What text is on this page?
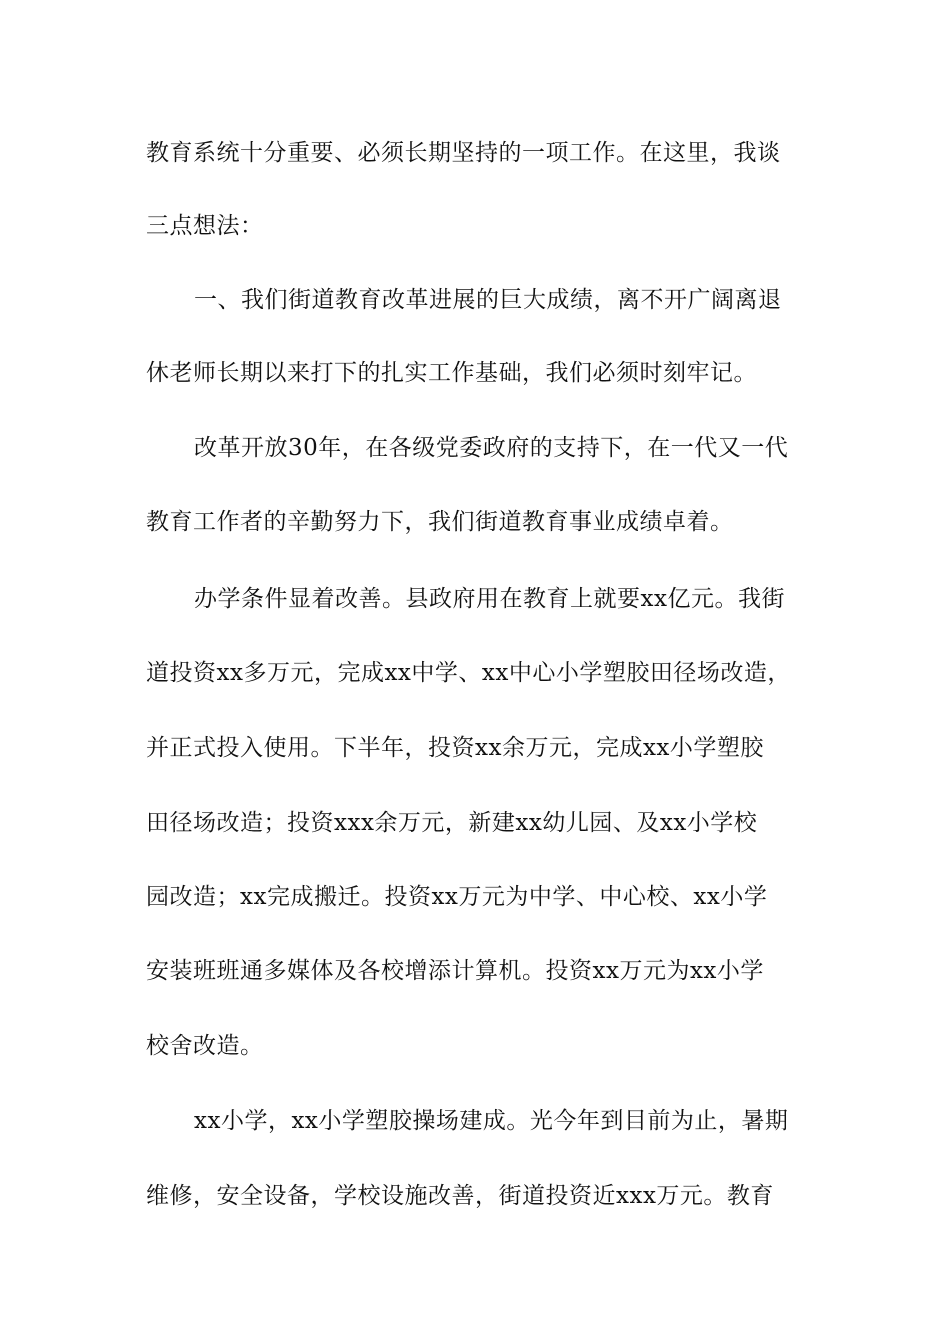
教育系统十分重要、必须长期坚持的一项工作。在这里，我谈
三点想法：
一、我们街道教育改革进展的巨大成绩，离不开广阔离退
休老师长期以来打下的扎实工作基础，我们必须时刻牢记。
改革开放30年，在各级党委政府的支持下，在一代又一代
教育工作者的辛勤努力下，我们街道教育事业成绩卓着。
办学条件显着改善。县政府用在教育上就要xx亿元。我街
道投资xx多万元，完成xx中学、xx中心小学塑胶田径场改造，
并正式投入使用。下半年，投资xx余万元，完成xx小学塑胶
田径场改造；投资xxx余万元，新建xx幼儿园、及xx小学校
园改造；xx完成搬迁。投资xx万元为中学、中心校、xx小学
安装班班通多媒体及各校增添计算机。投资xx万元为xx小学
校舍改造。
xx小学，xx小学塑胶操场建成。光今年到目前为止，暑期
维修，安全设备，学校设施改善，街道投资近xxx万元。教育
